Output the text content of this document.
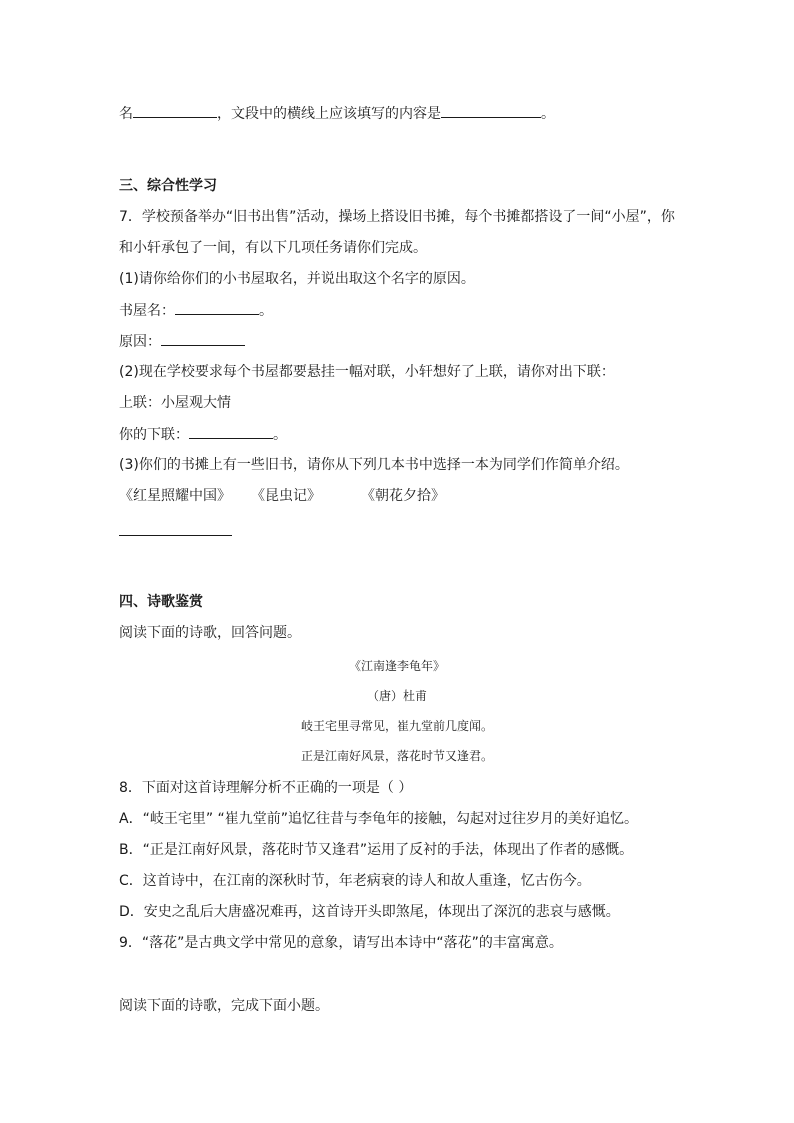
名	，文段中的横线上应该填写的内容是	。

三、综合性学习

7．学校预备举办“旧书出售”活动，操场上搭设旧书摊，每个书摊都搭设了一间“小屋”，你

和小轩承包了一间，有以下几项任务请你们完成。

(1)请你给你们的小书屋取名，并说出取这个名字的原因。

书屋名：	。

原因：

(2)现在学校要求每个书屋都要悬挂一幅对联，小轩想好了上联，请你对出下联：

上联：小屋观大情

你的下联：	。

(3)你们的书摊上有一些旧书，请你从下列几本书中选择一本为同学们作简单介绍。

《红星照耀中国》 《昆虫记》	《朝花夕拾》

四、诗歌鉴赏

阅读下面的诗歌，回答问题。

《江南逢李龟年》

（唐）杜甫

岐王宅里寻常见，崔九堂前几度闻。

正是江南好风景，落花时节又逢君。

8．下面对这首诗理解分析不正确的一项是（ ）

A．“岐王宅里” “崔九堂前”追忆往昔与李龟年的接触，勾起对过往岁月的美好追忆。

B．“正是江南好风景，落花时节又逢君”运用了反衬的手法，体现出了作者的感慨。

C．这首诗中，在江南的深秋时节，年老病衰的诗人和故人重逢，忆古伤今。

D．安史之乱后大唐盛况难再，这首诗开头即煞尾，体现出了深沉的悲哀与感慨。

9．“落花”是古典文学中常见的意象，请写出本诗中“落花”的丰富寓意。

阅读下面的诗歌，完成下面小题。
